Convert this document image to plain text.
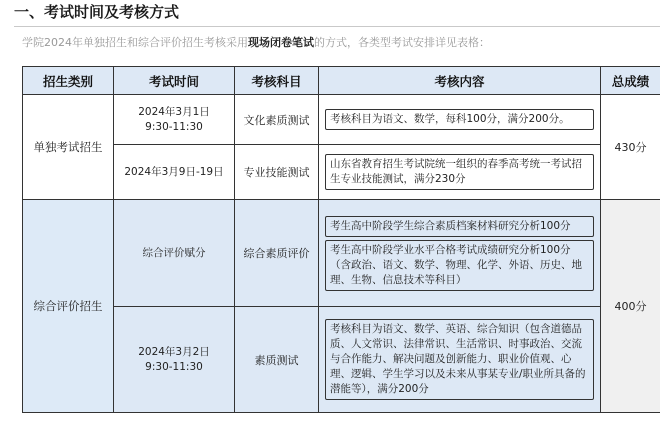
一、考试时间及考核方式
学院2024年单独招生和综合评价招生考核采用现场闭卷笔试的方式，各类型考试安排详见表格：
招生类别	考试时间	考核科目	考核内容	总成绩
单独考试招生	2024年3月1日
9:30-11:30	文化素质测试	考核科目为语文、数学，每科100分，满分200分。	430分

	2024年3月9日-19日	专业技能测试	山东省教育招生考试院统一组织的春季高考统一考试招生专业技能测试，满分230分	
综合评价招生	综合评价赋分	综合素质评价	考生高中阶段学生综合素质档案材料研究分析100分
考生高中阶段学业水平合格考试成绩研究分析100分（含政治、语文、数学、物理、化学、外语、历史、地理、生物、信息技术等科目）	400分

	2024年3月2日
9:30-11:30	素质测试	考核科目为语文、数学、英语、综合知识（包含道德品质、人文常识、法律常识、生活常识、时事政治、交流与合作能力、解决问题及创新能力、职业价值观、心理、逻辑、学生学习以及未来从事某专业/职业所具备的潜能等），满分200分	
